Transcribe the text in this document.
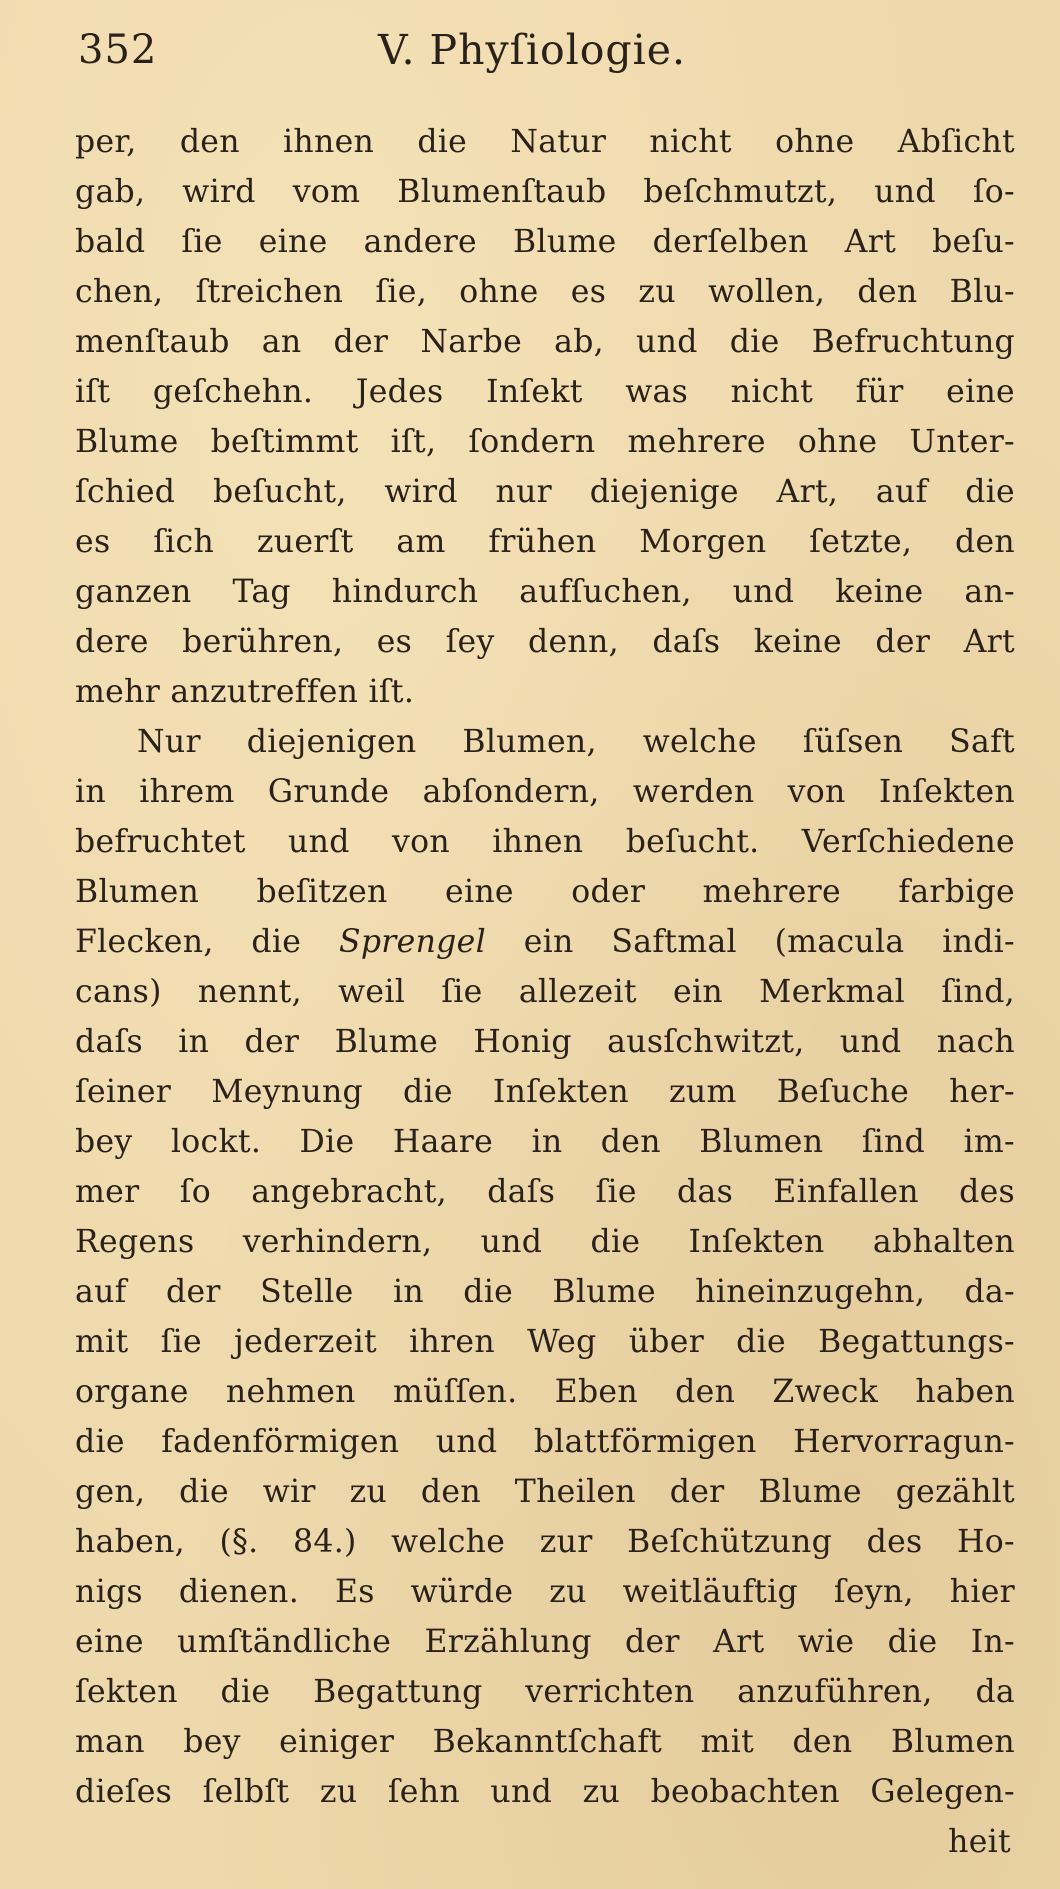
352	V. Phyſiologie.
per, den ihnen die Natur nicht ohne Abſicht
gab, wird vom Blumenſtaub beſchmutzt, und ſo-
bald ſie eine andere Blume derſelben Art beſu-
chen, ſtreichen ſie, ohne es zu wollen, den Blu-
menſtaub an der Narbe ab, und die Befruchtung
iſt geſchehn. Jedes Inſekt was nicht für eine
Blume beſtimmt iſt, ſondern mehrere ohne Unter-
ſchied beſucht, wird nur diejenige Art, auf die
es ſich zuerſt am frühen Morgen ſetzte, den
ganzen Tag hindurch aufſuchen, und keine an-
dere berühren, es ſey denn, daſs keine der Art
mehr anzutreffen iſt.
Nur diejenigen Blumen, welche ſüſsen Saft
in ihrem Grunde abſondern, werden von Inſekten
befruchtet und von ihnen beſucht. Verſchiedene
Blumen beſitzen eine oder mehrere farbige
Flecken, die Sprengel ein Saftmal (macula indi-
cans) nennt, weil ſie allezeit ein Merkmal ſind,
daſs in der Blume Honig ausſchwitzt, und nach
ſeiner Meynung die Inſekten zum Beſuche her-
bey lockt. Die Haare in den Blumen ſind im-
mer ſo angebracht, daſs ſie das Einfallen des
Regens verhindern, und die Inſekten abhalten
auf der Stelle in die Blume hineinzugehn, da-
mit ſie jederzeit ihren Weg über die Begattungs-
organe nehmen müſſen. Eben den Zweck haben
die fadenförmigen und blattförmigen Hervorragun-
gen, die wir zu den Theilen der Blume gezählt
haben, (§. 84.) welche zur Beſchützung des Ho-
nigs dienen. Es würde zu weitläuftig ſeyn, hier
eine umſtändliche Erzählung der Art wie die In-
ſekten die Begattung verrichten anzuführen, da
man bey einiger Bekanntſchaft mit den Blumen
dieſes ſelbſt zu ſehn und zu beobachten Gelegen-
heit
